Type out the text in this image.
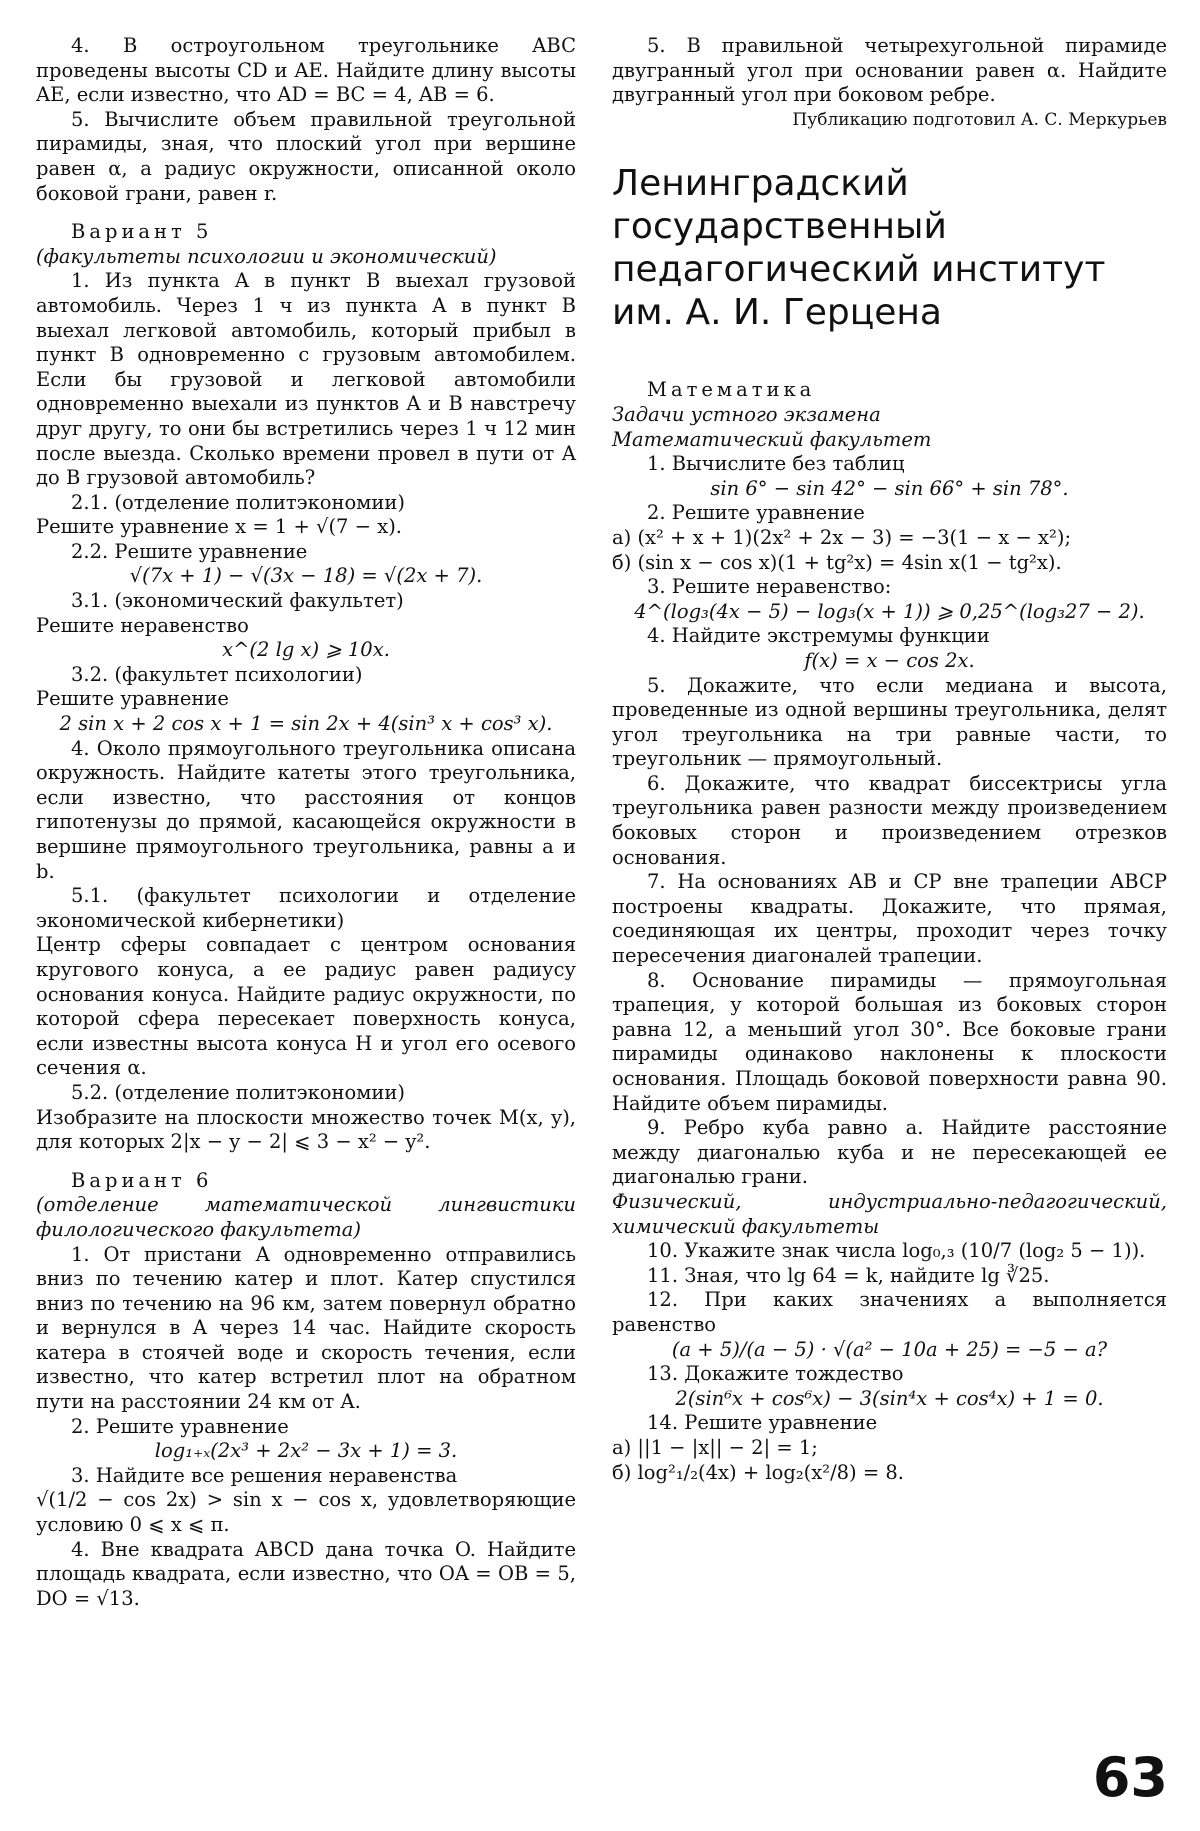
4. В остроугольном треугольнике ABC проведены высоты CD и AE. Найдите длину высоты AE, если известно, что AD = BC = 4, AB = 6.

5. Вычислите объем правильной треугольной пирамиды, зная, что плоский угол при вершине равен α, а радиус окружности, описанной около боковой грани, равен r.

Вариант 5

(факультеты психологии и экономический)

1. Из пункта A в пункт B выехал грузовой автомобиль. Через 1 ч из пункта A в пункт B выехал легковой автомобиль, который прибыл в пункт B одновременно с грузовым автомобилем. Если бы грузовой и легковой автомобили одновременно выехали из пунктов A и B навстречу друг другу, то они бы встретились через 1 ч 12 мин после выезда. Сколько времени провел в пути от A до B грузовой автомобиль?

2.1. (отделение политэкономии)

Решите уравнение x = 1 + √(7 − x).

2.2. Решите уравнение

√(7x + 1) − √(3x − 18) = √(2x + 7).

3.1. (экономический факультет)

Решите неравенство

x^(2 lg x) ⩾ 10x.

3.2. (факультет психологии)

Решите уравнение

2 sin x + 2 cos x + 1 = sin 2x + 4(sin³ x + cos³ x).

4. Около прямоугольного треугольника описана окружность. Найдите катеты этого треугольника, если известно, что расстояния от концов гипотенузы до прямой, касающейся окружности в вершине прямоугольного треугольника, равны a и b.

5.1. (факультет психологии и отделение экономической кибернетики)

Центр сферы совпадает с центром основания кругового конуса, а ее радиус равен радиусу основания конуса. Найдите радиус окружности, по которой сфера пересекает поверхность конуса, если известны высота конуса H и угол его осевого сечения α.

5.2. (отделение политэкономии)

Изобразите на плоскости множество точек M(x, y), для которых 2|x − y − 2| ⩽ 3 − x² − y².

Вариант 6

(отделение математической лингвистики филологического факультета)

1. От пристани A одновременно отправились вниз по течению катер и плот. Катер спустился вниз по течению на 96 км, затем повернул обратно и вернулся в A через 14 час. Найдите скорость катера в стоячей воде и скорость течения, если известно, что катер встретил плот на обратном пути на расстоянии 24 км от A.

2. Решите уравнение

log₁₊ₓ(2x³ + 2x² − 3x + 1) = 3.

3. Найдите все решения неравенства

√(1/2 − cos 2x) > sin x − cos x, удовлетворяющие условию 0 ⩽ x ⩽ π.

4. Вне квадрата ABCD дана точка O. Найдите площадь квадрата, если известно, что OA = OB = 5, DO = √13.

5. В правильной четырехугольной пирамиде двугранный угол при основании равен α. Найдите двугранный угол при боковом ребре.

Публикацию подготовил А. С. Меркурьев

Ленинградский государственный педагогический институт им. А. И. Герцена

Математика

Задачи устного экзамена

Математический факультет

1. Вычислите без таблиц

sin 6° − sin 42° − sin 66° + sin 78°.

2. Решите уравнение

а) (x² + x + 1)(2x² + 2x − 3) = −3(1 − x − x²);

б) (sin x − cos x)(1 + tg²x) = 4sin x(1 − tg²x).

3. Решите неравенство:

4^(log₃(4x − 5) − log₃(x + 1)) ⩾ 0,25^(log₃27 − 2).

4. Найдите экстремумы функции

f(x) = x − cos 2x.

5. Докажите, что если медиана и высота, проведенные из одной вершины треугольника, делят угол треугольника на три равные части, то треугольник — прямоугольный.

6. Докажите, что квадрат биссектрисы угла треугольника равен разности между произведением боковых сторон и произведением отрезков основания.

7. На основаниях AB и CP вне трапеции ABCP построены квадраты. Докажите, что прямая, соединяющая их центры, проходит через точку пересечения диагоналей трапеции.

8. Основание пирамиды — прямоугольная трапеция, у которой большая из боковых сторон равна 12, а меньший угол 30°. Все боковые грани пирамиды одинаково наклонены к плоскости основания. Площадь боковой поверхности равна 90. Найдите объем пирамиды.

9. Ребро куба равно a. Найдите расстояние между диагональю куба и не пересекающей ее диагональю грани.

Физический, индустриально-педагогический, химический факультеты

10. Укажите знак числа log₀,₃ (10/7 (log₂ 5 − 1)).

11. Зная, что lg 64 = k, найдите lg ∛25.

12. При каких значениях a выполняется равенство

(a + 5)/(a − 5) · √(a² − 10a + 25) = −5 − a?

13. Докажите тождество

2(sin⁶x + cos⁶x) − 3(sin⁴x + cos⁴x) + 1 = 0.

14. Решите уравнение

а) ||1 − |x|| − 2| = 1;

б) log²₁/₂(4x) + log₂(x²/8) = 8.

63
